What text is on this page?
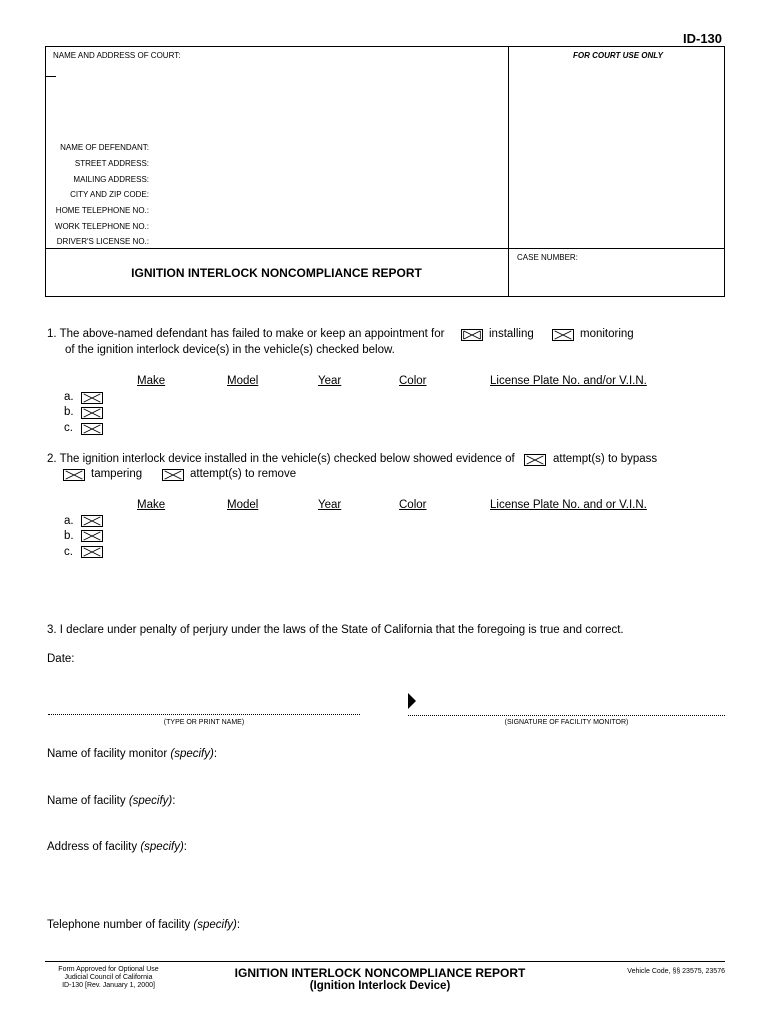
ID-130
NAME AND ADDRESS OF COURT:	FOR COURT USE ONLY
NAME OF DEFENDANT:
STREET ADDRESS:
MAILING ADDRESS:
CITY AND ZIP CODE:
HOME TELEPHONE NO.:
WORK TELEPHONE NO.:
DRIVER'S LICENSE NO.:
IGNITION INTERLOCK NONCOMPLIANCE REPORT
CASE NUMBER:
1. The above-named defendant has failed to make or keep an appointment for	installing	monitoring
of the ignition interlock device(s) in the vehicle(s) checked below.
Make	Model	Year	Color	License Plate No. and/or V.I.N.
a.
b.
c.
2. The ignition interlock device installed in the vehicle(s) checked below showed evidence of	attempt(s) to bypass
tampering	attempt(s) to remove
Make	Model	Year	Color	License Plate No. and or V.I.N.
a.
b.
c.
3. I declare under penalty of perjury under the laws of the State of California that the foregoing is true and correct.
Date:
(TYPE OR PRINT NAME)	(SIGNATURE OF FACILITY MONITOR)
Name of facility monitor (specify):
Name of facility (specify):
Address of facility (specify):
Telephone number of facility (specify):
Form Approved for Optional Use
Judicial Council of California
ID-130 [Rev. January 1, 2000]
IGNITION INTERLOCK NONCOMPLIANCE REPORT
(Ignition Interlock Device)
Vehicle Code, §§ 23575, 23576
